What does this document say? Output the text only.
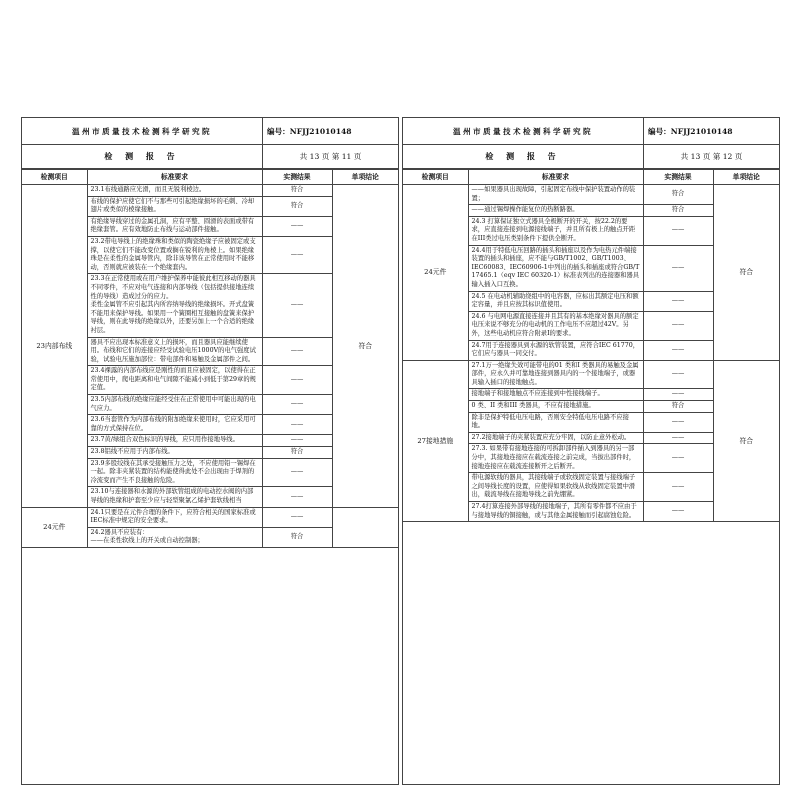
温州市质量技术检测科学研究院	编号：NFJJ21010148
检 测 报 告	共 13 页 第 11 页
检测项目	标准要求	实测结果	单项结论
23内部布线	23.1布线通路应光滑，而且无锐利棱边。	符合	符合
	布线的保护应使它们不与那些可引起绝缘损坏的毛刺、冷却翅片或类似的棱缘接触。	符合	
	有绝缘导线穿过的金属孔洞，应有平整、圆滑的表面或带有绝缘套管。应有效地防止布线与运动部件接触。	——	
	23.2带电导线上的绝缘珠和类似的陶瓷绝缘子应被固定或支撑，以使它们不能改变位置或搁在锐利的角棱上。如果绝缘珠是在柔性的金属导管内，除非该导管在正常使用时不能移动，否则就应被装在一个绝缘套内。	——	
	23.3在正常使用或在用户维护保养中能彼此相互移动的器具不同零件，不应对电气连接和内部导线（包括提供接地连续性的导线）造成过分的应力。
柔性金属管不应引起其内所容纳导线的绝缘损坏。开式盘簧不能用来保护导线。如果用一个簧圈相互接触的盘簧来保护导线，则在此导线的绝缘以外，还要另加上一个合适的绝缘衬层。	——	
	器具不应出现本标准意义上的损坏，而且器具应能继续使用。布线和它们的连接应经受试验电压1000V的电气强度试验，试验电压施加部位：带电部件和易触及金属部件之间。	——	
	23.4裸露的内部布线应是刚性的而且应被固定，以使得在正常使用中，爬电距离和电气间隙不能减小到低于第29章的规定值。	——	
	23.5内部布线的绝缘应能经受住在正常使用中可能出现的电气应力。	——	
	23.6当套管作为内部布线的附加绝缘来使用时，它应采用可靠的方式保持在位。	——	
	23.7黄/绿组合双色标识的导线，应只用作接地导线。	——	
	23.8铝线不应用于内部布线。	符合	
	23.9多股绞线在其承受接触压力之处，不应使用铅一锡焊在一起。除非夹紧装置的结构能使得此处不会出现由于焊剂的冷流变而产生不良接触的危险。	——	
	23.10与连接器和水源的外部软管组成的电动控水阀的内部导线的绝缘和护套至少应与轻型聚氯乙烯护套软线相当	——	
24元件	24.1只要是在元件合理的条件下，应符合相关的国家标准或IEC标准中规定的安全要求。	——	
	24.2器具不应装有：
——在柔性软线上的开关或自动控制器；	符合	
温州市质量技术检测科学研究院	编号：NFJJ21010148
检 测 报 告	共 13 页 第 12 页
检测项目	标准要求	实测结果	单项结论
24元件	——如果器具出现故障，引起固定布线中保护装置动作的装置；	符合	符合
	——通过锡焊操作能复位的热断路器。	符合	
	24.3 打算保证独立式器具全极断开的开关，按22.2的要求，应直接连接到电源接线端子，并且所有极上的触点开距在III类过电压类别条件下提供全断开。	——	
	24.4用于特低电压回路的插头和插座以及作为电热元件端接装置的插头和插座，应不能与GB/T1002、GB/T1003、IEC60083、IEC60906-1中列出的插头和插座或符合GB/T 17465.1（eqv IEC 60320-1）标准表列出的连接器和器具输入插入口互换。	——	
	24.5 在电动机辅助绕组中的电容器，应标出其额定电压和额定容量，并且应按其标识值使用。	——	
	24.6 与电网电源直接连接并且其有的基本绝缘对器具的额定电压来说不够充分的电动机的工作电压不应超过42V。另外，这些电动机应符合附录I的要求。	——	
	24.7用于连接器具到水源的软管装置，应符合IEC 61770，它们应与器具一同交付。	——	
27接地措施	27.1万一绝缘失效可能带电的01 类和I 类器具的易触及金属部件，应永久并可靠地连接到器具内的一个接地端子，或器具输入插口的接地触点。	——	符合
	接地端子和接地触点不应连接到中性接线端子。	——	
	0 类、II 类和III 类器具，不应有接地措施。	符合	
	除非是保护特低电压电路，否则安全特低电压电路不应接地。	——	
	27.2接地端子的夹紧装置应充分牢固，以防止意外松动。	——	
	27.3. 如果带有接地连接的可拆卸部件插入到器具的另一部分中，其接地连接应在载流连接之前完成，当拔出部件时，接地连接应在载流连接断开之后断开。	——	
	带电源软线的器具，其接线端子或软线固定装置与接线端子之间导线长度的设置，应使得如果软线从软线固定装置中滑出，载流导线在接地导线之前先绷紧。	——	
	27.4打算连接外部导线的接地端子，其所有零件都不应由于与接地导线的铜接触，或与其他金属接触而引起腐蚀危险。	——	
